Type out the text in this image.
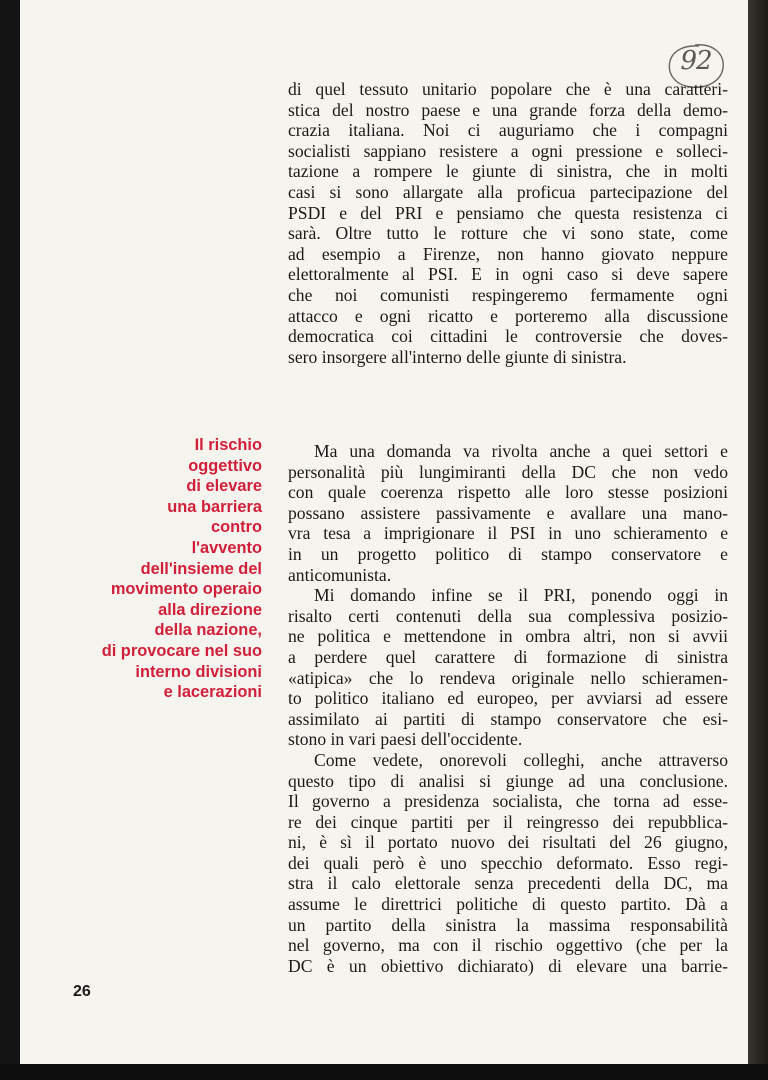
92
di quel tessuto unitario popolare che è una caratteri-
stica del nostro paese e una grande forza della demo-
crazia italiana. Noi ci auguriamo che i compagni
socialisti sappiano resistere a ogni pressione e solleci-
tazione a rompere le giunte di sinistra, che in molti
casi si sono allargate alla proficua partecipazione del
PSDI e del PRI e pensiamo che questa resistenza ci
sarà. Oltre tutto le rotture che vi sono state, come
ad esempio a Firenze, non hanno giovato neppure
elettoralmente al PSI. E in ogni caso si deve sapere
che noi comunisti respingeremo fermamente ogni
attacco e ogni ricatto e porteremo alla discussione
democratica coi cittadini le controversie che doves-
sero insorgere all'interno delle giunte di sinistra.
Il rischio
oggettivo
di elevare
una barriera
contro
l'avvento
dell'insieme del
movimento operaio
alla direzione
della nazione,
di provocare nel suo
interno divisioni
e lacerazioni
Ma una domanda va rivolta anche a quei settori e
personalità più lungimiranti della DC che non vedo
con quale coerenza rispetto alle loro stesse posizioni
possano assistere passivamente e avallare una mano-
vra tesa a imprigionare il PSI in uno schieramento e
in un progetto politico di stampo conservatore e
anticomunista.
Mi domando infine se il PRI, ponendo oggi in
risalto certi contenuti della sua complessiva posizio-
ne politica e mettendone in ombra altri, non si avvii
a perdere quel carattere di formazione di sinistra
«atipica» che lo rendeva originale nello schieramen-
to politico italiano ed europeo, per avviarsi ad essere
assimilato ai partiti di stampo conservatore che esi-
stono in vari paesi dell'occidente.
Come vedete, onorevoli colleghi, anche attraverso
questo tipo di analisi si giunge ad una conclusione.
Il governo a presidenza socialista, che torna ad esse-
re dei cinque partiti per il reingresso dei repubblica-
ni, è sì il portato nuovo dei risultati del 26 giugno,
dei quali però è uno specchio deformato. Esso regi-
stra il calo elettorale senza precedenti della DC, ma
assume le direttrici politiche di questo partito. Dà a
un partito della sinistra la massima responsabilità
nel governo, ma con il rischio oggettivo (che per la
DC è un obiettivo dichiarato) di elevare una barrie-
26
